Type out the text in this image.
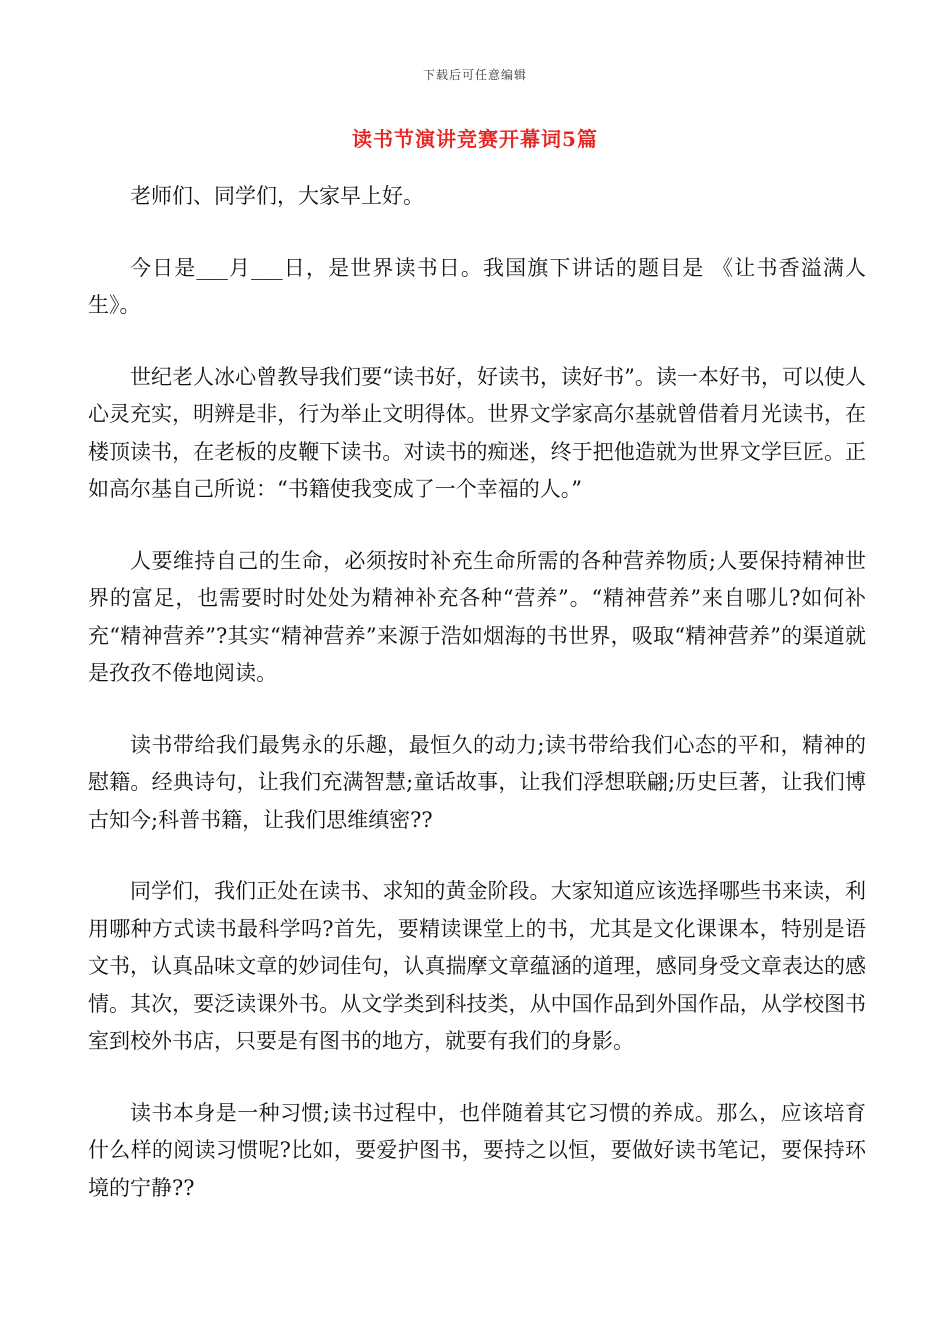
下载后可任意编辑
读书节演讲竞赛开幕词5篇

老师们、同学们，大家早上好。

今日是___月___日，是世界读书日。我国旗下讲话的题目是 《让书香溢满人生》。

世纪老人冰心曾教导我们要“读书好，好读书，读好书”。读一本好书，可以使人心灵充实，明辨是非，行为举止文明得体。世界文学家高尔基就曾借着月光读书，在楼顶读书，在老板的皮鞭下读书。对读书的痴迷，终于把他造就为世界文学巨匠。正如高尔基自己所说：“书籍使我变成了一个幸福的人。”

人要维持自己的生命，必须按时补充生命所需的各种营养物质;人要保持精神世界的富足，也需要时时处处为精神补充各种“营养”。“精神营养”来自哪儿?如何补充“精神营养”?其实“精神营养”来源于浩如烟海的书世界，吸取“精神营养”的渠道就是孜孜不倦地阅读。

读书带给我们最隽永的乐趣，最恒久的动力;读书带给我们心态的平和，精神的慰籍。经典诗句，让我们充满智慧;童话故事，让我们浮想联翩;历史巨著，让我们博古知今;科普书籍，让我们思维缜密??

同学们，我们正处在读书、求知的黄金阶段。大家知道应该选择哪些书来读，利用哪种方式读书最科学吗?首先，要精读课堂上的书，尤其是文化课课本，特别是语文书，认真品味文章的妙词佳句，认真揣摩文章蕴涵的道理，感同身受文章表达的感情。其次，要泛读课外书。从文学类到科技类，从中国作品到外国作品，从学校图书室到校外书店，只要是有图书的地方，就要有我们的身影。

读书本身是一种习惯;读书过程中，也伴随着其它习惯的养成。那么，应该培育什么样的阅读习惯呢?比如，要爱护图书，要持之以恒，要做好读书笔记，要保持环境的宁静??
